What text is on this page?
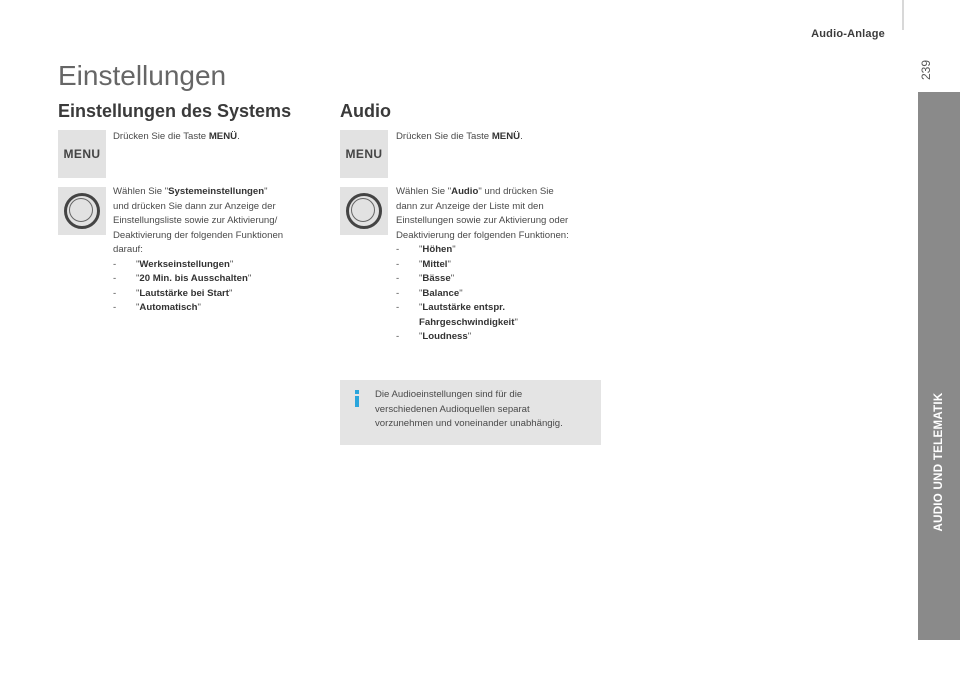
Audio-Anlage
239
AUDIO UND TELEMATIK
10
Einstellungen
Einstellungen des Systems
MENU
Drücken Sie die Taste MENÜ.
Wählen Sie "Systemeinstellungen"
und drücken Sie dann zur Anzeige der
Einstellungsliste sowie zur Aktivierung/
Deaktivierung der folgenden Funktionen
darauf:
-	"Werkseinstellungen"
-	"20 Min. bis Ausschalten"
-	"Lautstärke bei Start"
-	"Automatisch"
Audio
MENU
Drücken Sie die Taste MENÜ.
Wählen Sie "Audio" und drücken Sie
dann zur Anzeige der Liste mit den
Einstellungen sowie zur Aktivierung oder
Deaktivierung der folgenden Funktionen:
-	"Höhen"
-	"Mittel"
-	"Bässe"
-	"Balance"
-	"Lautstärke entspr.
Fahrgeschwindigkeit"
-	"Loudness"
Die Audioeinstellungen sind für die
verschiedenen Audioquellen separat
vorzunehmen und voneinander unabhängig.
